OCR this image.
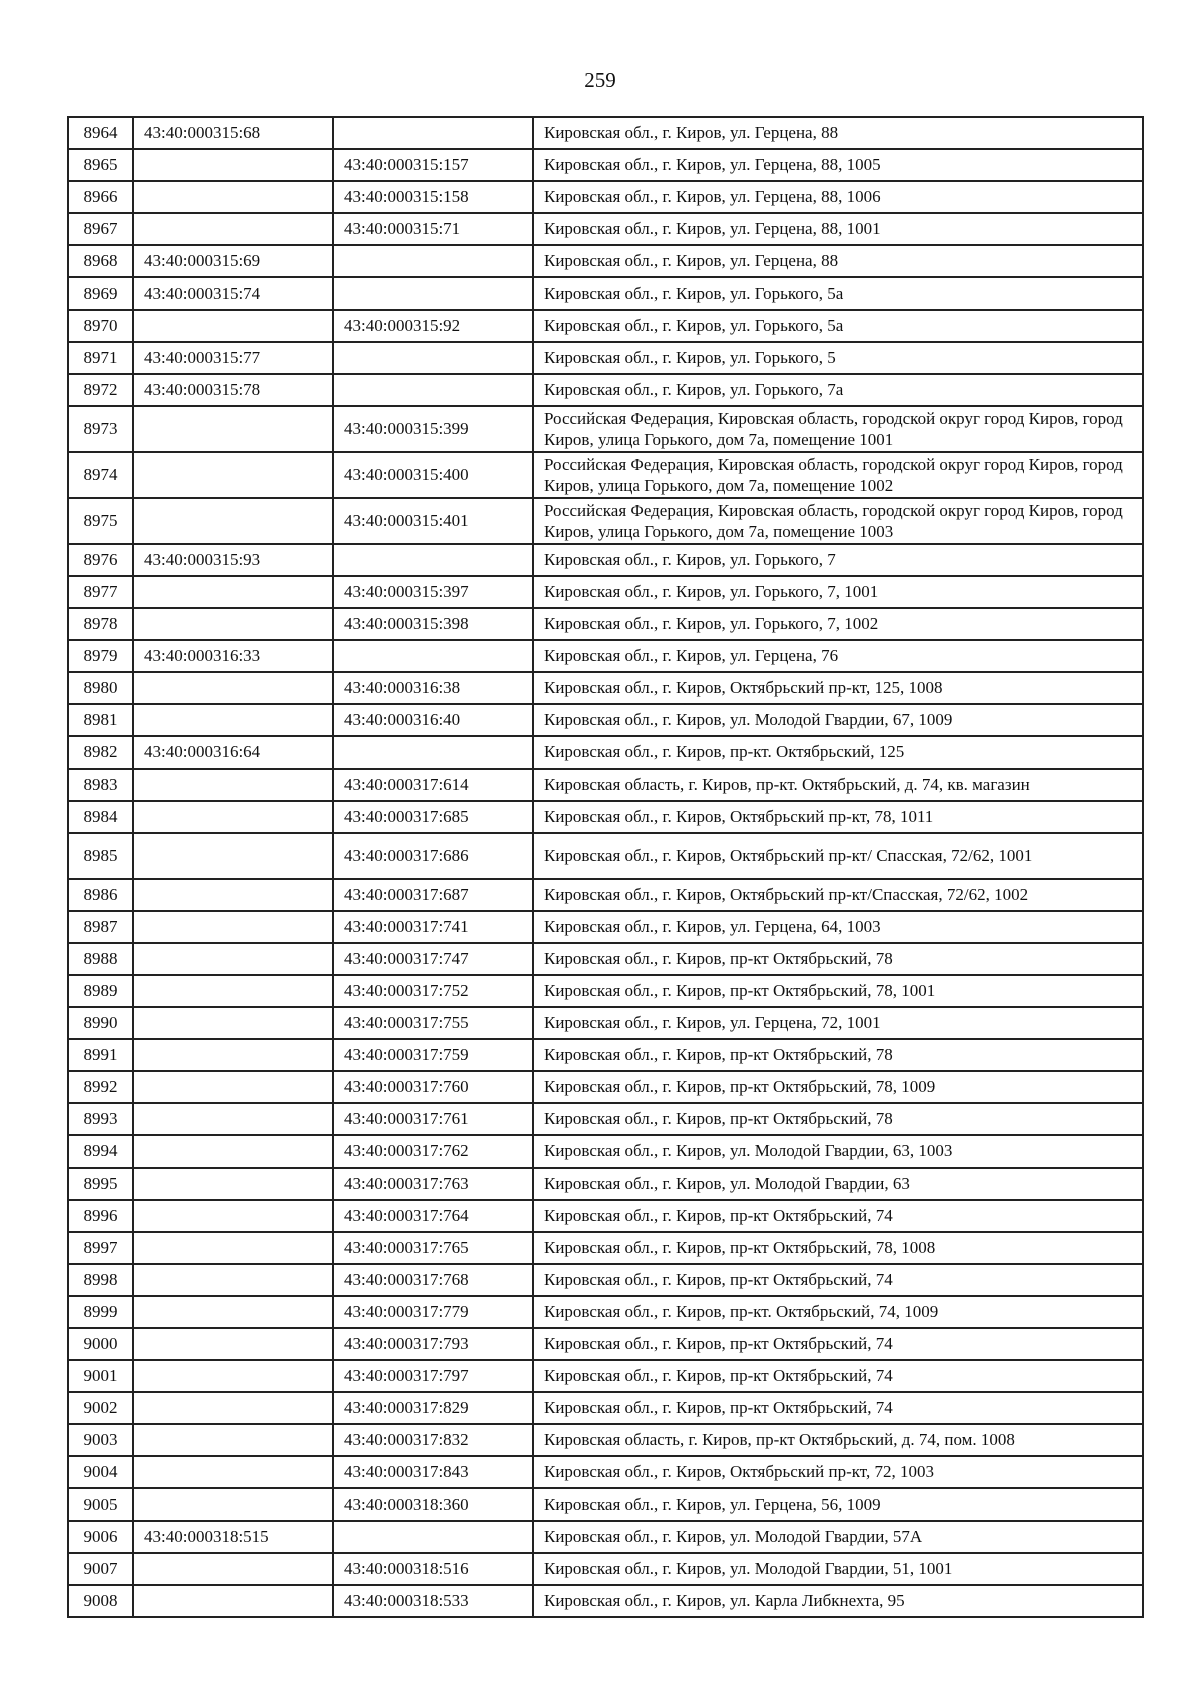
259
8964	43:40:000315:68		Кировская обл., г. Киров, ул. Герцена, 88
8965		43:40:000315:157	Кировская обл., г. Киров, ул. Герцена, 88, 1005
8966		43:40:000315:158	Кировская обл., г. Киров, ул. Герцена, 88, 1006
8967		43:40:000315:71	Кировская обл., г. Киров, ул. Герцена, 88, 1001
8968	43:40:000315:69		Кировская обл., г. Киров, ул. Герцена, 88
8969	43:40:000315:74		Кировская обл., г. Киров, ул. Горького, 5а
8970		43:40:000315:92	Кировская обл., г. Киров, ул. Горького, 5а
8971	43:40:000315:77		Кировская обл., г. Киров, ул. Горького, 5
8972	43:40:000315:78		Кировская обл., г. Киров, ул. Горького, 7а
8973		43:40:000315:399	Российская Федерация, Кировская область, городской округ город Киров, город Киров, улица Горького, дом 7а, помещение 1001
8974		43:40:000315:400	Российская Федерация, Кировская область, городской округ город Киров, город Киров, улица Горького, дом 7а, помещение 1002
8975		43:40:000315:401	Российская Федерация, Кировская область, городской округ город Киров, город Киров, улица Горького, дом 7а, помещение 1003
8976	43:40:000315:93		Кировская обл., г. Киров, ул. Горького, 7
8977		43:40:000315:397	Кировская обл., г. Киров, ул. Горького, 7, 1001
8978		43:40:000315:398	Кировская обл., г. Киров, ул. Горького, 7, 1002
8979	43:40:000316:33		Кировская обл., г. Киров, ул. Герцена, 76
8980		43:40:000316:38	Кировская обл., г. Киров, Октябрьский пр-кт, 125, 1008
8981		43:40:000316:40	Кировская обл., г. Киров, ул. Молодой Гвардии, 67, 1009
8982	43:40:000316:64		Кировская обл., г. Киров, пр-кт. Октябрьский, 125
8983		43:40:000317:614	Кировская область, г. Киров, пр-кт. Октябрьский, д. 74, кв. магазин
8984		43:40:000317:685	Кировская обл., г. Киров, Октябрьский пр-кт, 78, 1011
8985		43:40:000317:686	Кировская обл., г. Киров, Октябрьский пр-кт/ Спасская, 72/62, 1001
8986		43:40:000317:687	Кировская обл., г. Киров, Октябрьский пр-кт/Спасская, 72/62, 1002
8987		43:40:000317:741	Кировская обл., г. Киров, ул. Герцена, 64, 1003
8988		43:40:000317:747	Кировская обл., г. Киров, пр-кт Октябрьский, 78
8989		43:40:000317:752	Кировская обл., г. Киров, пр-кт Октябрьский, 78, 1001
8990		43:40:000317:755	Кировская обл., г. Киров, ул. Герцена, 72, 1001
8991		43:40:000317:759	Кировская обл., г. Киров, пр-кт Октябрьский, 78
8992		43:40:000317:760	Кировская обл., г. Киров, пр-кт Октябрьский, 78, 1009
8993		43:40:000317:761	Кировская обл., г. Киров, пр-кт Октябрьский, 78
8994		43:40:000317:762	Кировская обл., г. Киров, ул. Молодой Гвардии, 63, 1003
8995		43:40:000317:763	Кировская обл., г. Киров, ул. Молодой Гвардии, 63
8996		43:40:000317:764	Кировская обл., г. Киров, пр-кт Октябрьский, 74
8997		43:40:000317:765	Кировская обл., г. Киров, пр-кт Октябрьский, 78, 1008
8998		43:40:000317:768	Кировская обл., г. Киров, пр-кт Октябрьский, 74
8999		43:40:000317:779	Кировская обл., г. Киров, пр-кт. Октябрьский, 74, 1009
9000		43:40:000317:793	Кировская обл., г. Киров, пр-кт Октябрьский, 74
9001		43:40:000317:797	Кировская обл., г. Киров, пр-кт Октябрьский, 74
9002		43:40:000317:829	Кировская обл., г. Киров, пр-кт Октябрьский, 74
9003		43:40:000317:832	Кировская область, г. Киров, пр-кт Октябрьский, д. 74, пом. 1008
9004		43:40:000317:843	Кировская обл., г. Киров, Октябрьский пр-кт, 72, 1003
9005		43:40:000318:360	Кировская обл., г. Киров, ул. Герцена, 56, 1009
9006	43:40:000318:515		Кировская обл., г. Киров, ул. Молодой Гвардии, 57А
9007		43:40:000318:516	Кировская обл., г. Киров, ул. Молодой Гвардии, 51, 1001
9008		43:40:000318:533	Кировская обл., г. Киров, ул. Карла Либкнехта, 95
